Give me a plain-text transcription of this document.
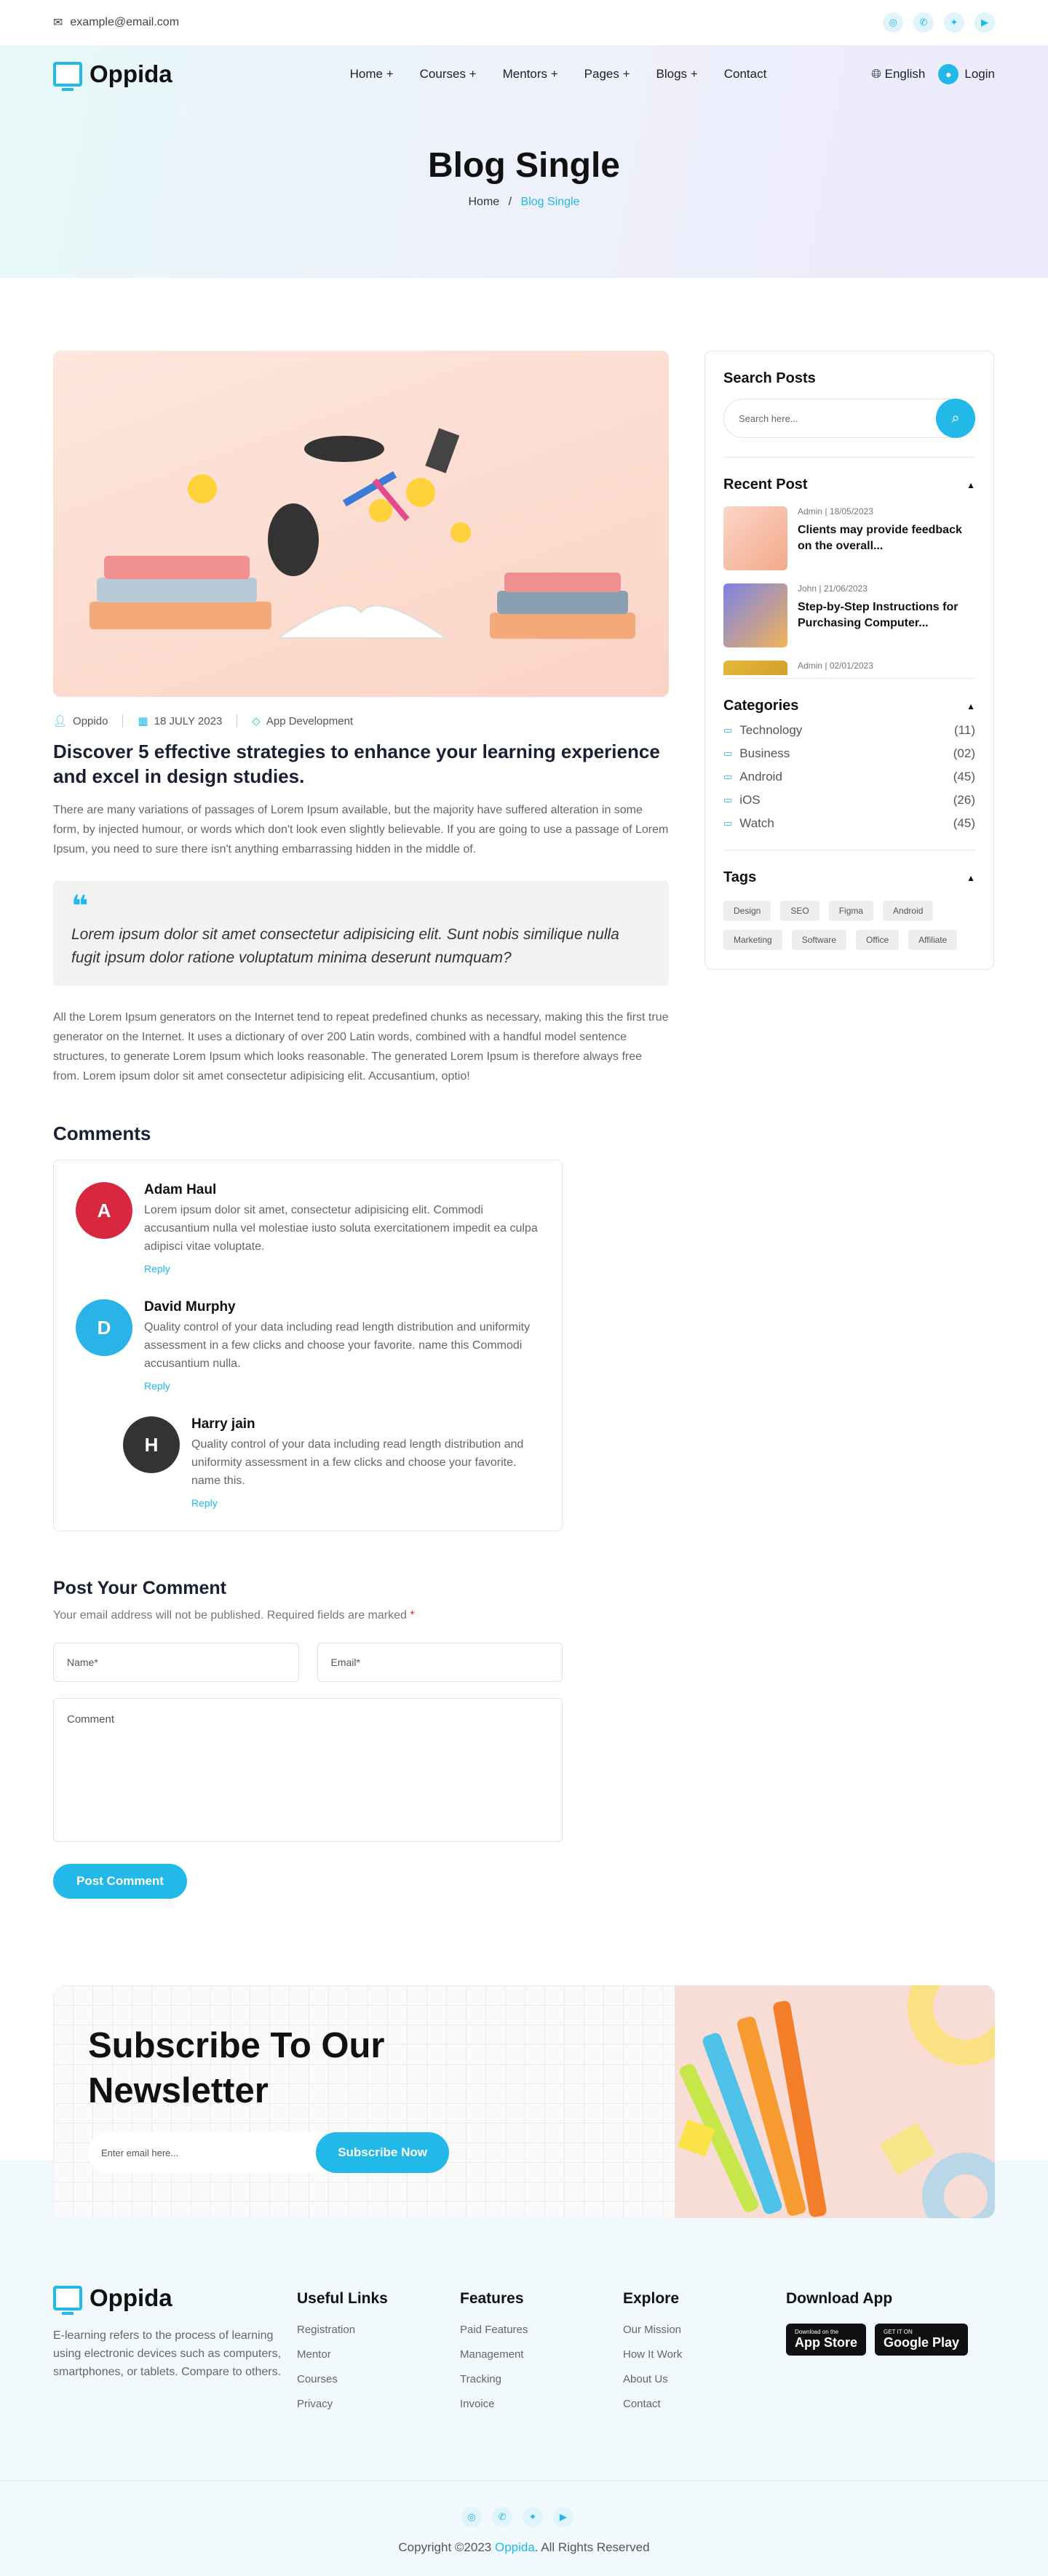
✉ example@email.com	◎	✆	✦	▶
Oppida	Home + Courses + Mentors + Pages + Blogs + Contact	🌐︎ English	● Login
Blog Single
Home / Blog Single
👤︎ Oppido	▦ 18 JULY 2023	◇ App Development
Discover 5 effective strategies to enhance your learning experience and excel in design studies.

There are many variations of passages of Lorem Ipsum available, but the majority have suffered alteration in some form, by injected humour, or words which don't look even slightly believable. If you are going to use a passage of Lorem Ipsum, you need to sure there isn't anything embarrassing hidden in the middle of.

❝

Lorem ipsum dolor sit amet consectetur adipisicing elit. Sunt nobis similique nulla fugit ipsum dolor ratione voluptatum minima deserunt numquam?

All the Lorem Ipsum generators on the Internet tend to repeat predefined chunks as necessary, making this the first true generator on the Internet. It uses a dictionary of over 200 Latin words, combined with a handful model sentence structures, to generate Lorem Ipsum which looks reasonable. The generated Lorem Ipsum is therefore always free from. Lorem ipsum dolor sit amet consectetur adipisicing elit. Accusantium, optio!

Comments
A
Adam Haul
Lorem ipsum dolor sit amet, consectetur adipisicing elit. Commodi accusantium nulla vel molestiae iusto soluta exercitationem impedit ea culpa adipisci vitae voluptate.
Reply
D
David Murphy
Quality control of your data including read length distribution and uniformity assessment in a few clicks and choose your favorite. name this Commodi accusantium nulla.
Reply
H
Harry jain
Quality control of your data including read length distribution and uniformity assessment in a few clicks and choose your favorite. name this.
Reply
Post Your Comment
Your email address will not be published. Required fields are marked *
Name*	Email*
Comment
Post Comment
Search Posts
Search here...	⌕
Recent Post	▲
Admin | 18/05/2023
Clients may provide feedback on the overall...
John | 21/06/2023
Step-by-Step Instructions for Purchasing Computer...
Admin | 02/01/2023
Categories	▲
▭ Technology	(11)
▭ Business	(02)
▭ Android	(45)
▭ iOS	(26)
▭ Watch	(45)
Tags	▲
Design	SEO	Figma	Android
Marketing	Software	Office	Affiliate
Subscribe To Our Newsletter
Enter email here...	Subscribe Now
Oppida

E-learning refers to the process of learning using electronic devices such as computers, smartphones, or tablets. Compare to others.

Useful Links
Registration
Mentor
Courses
Privacy
Features
Paid Features
Management
Tracking
Invoice
Explore
Our Mission
How It Work
About Us
Contact
Download App
Download on the
App Store
GET IT ON
Google Play
◎	✆	✦	▶
Copyright ©2023 Oppida. All Rights Reserved
